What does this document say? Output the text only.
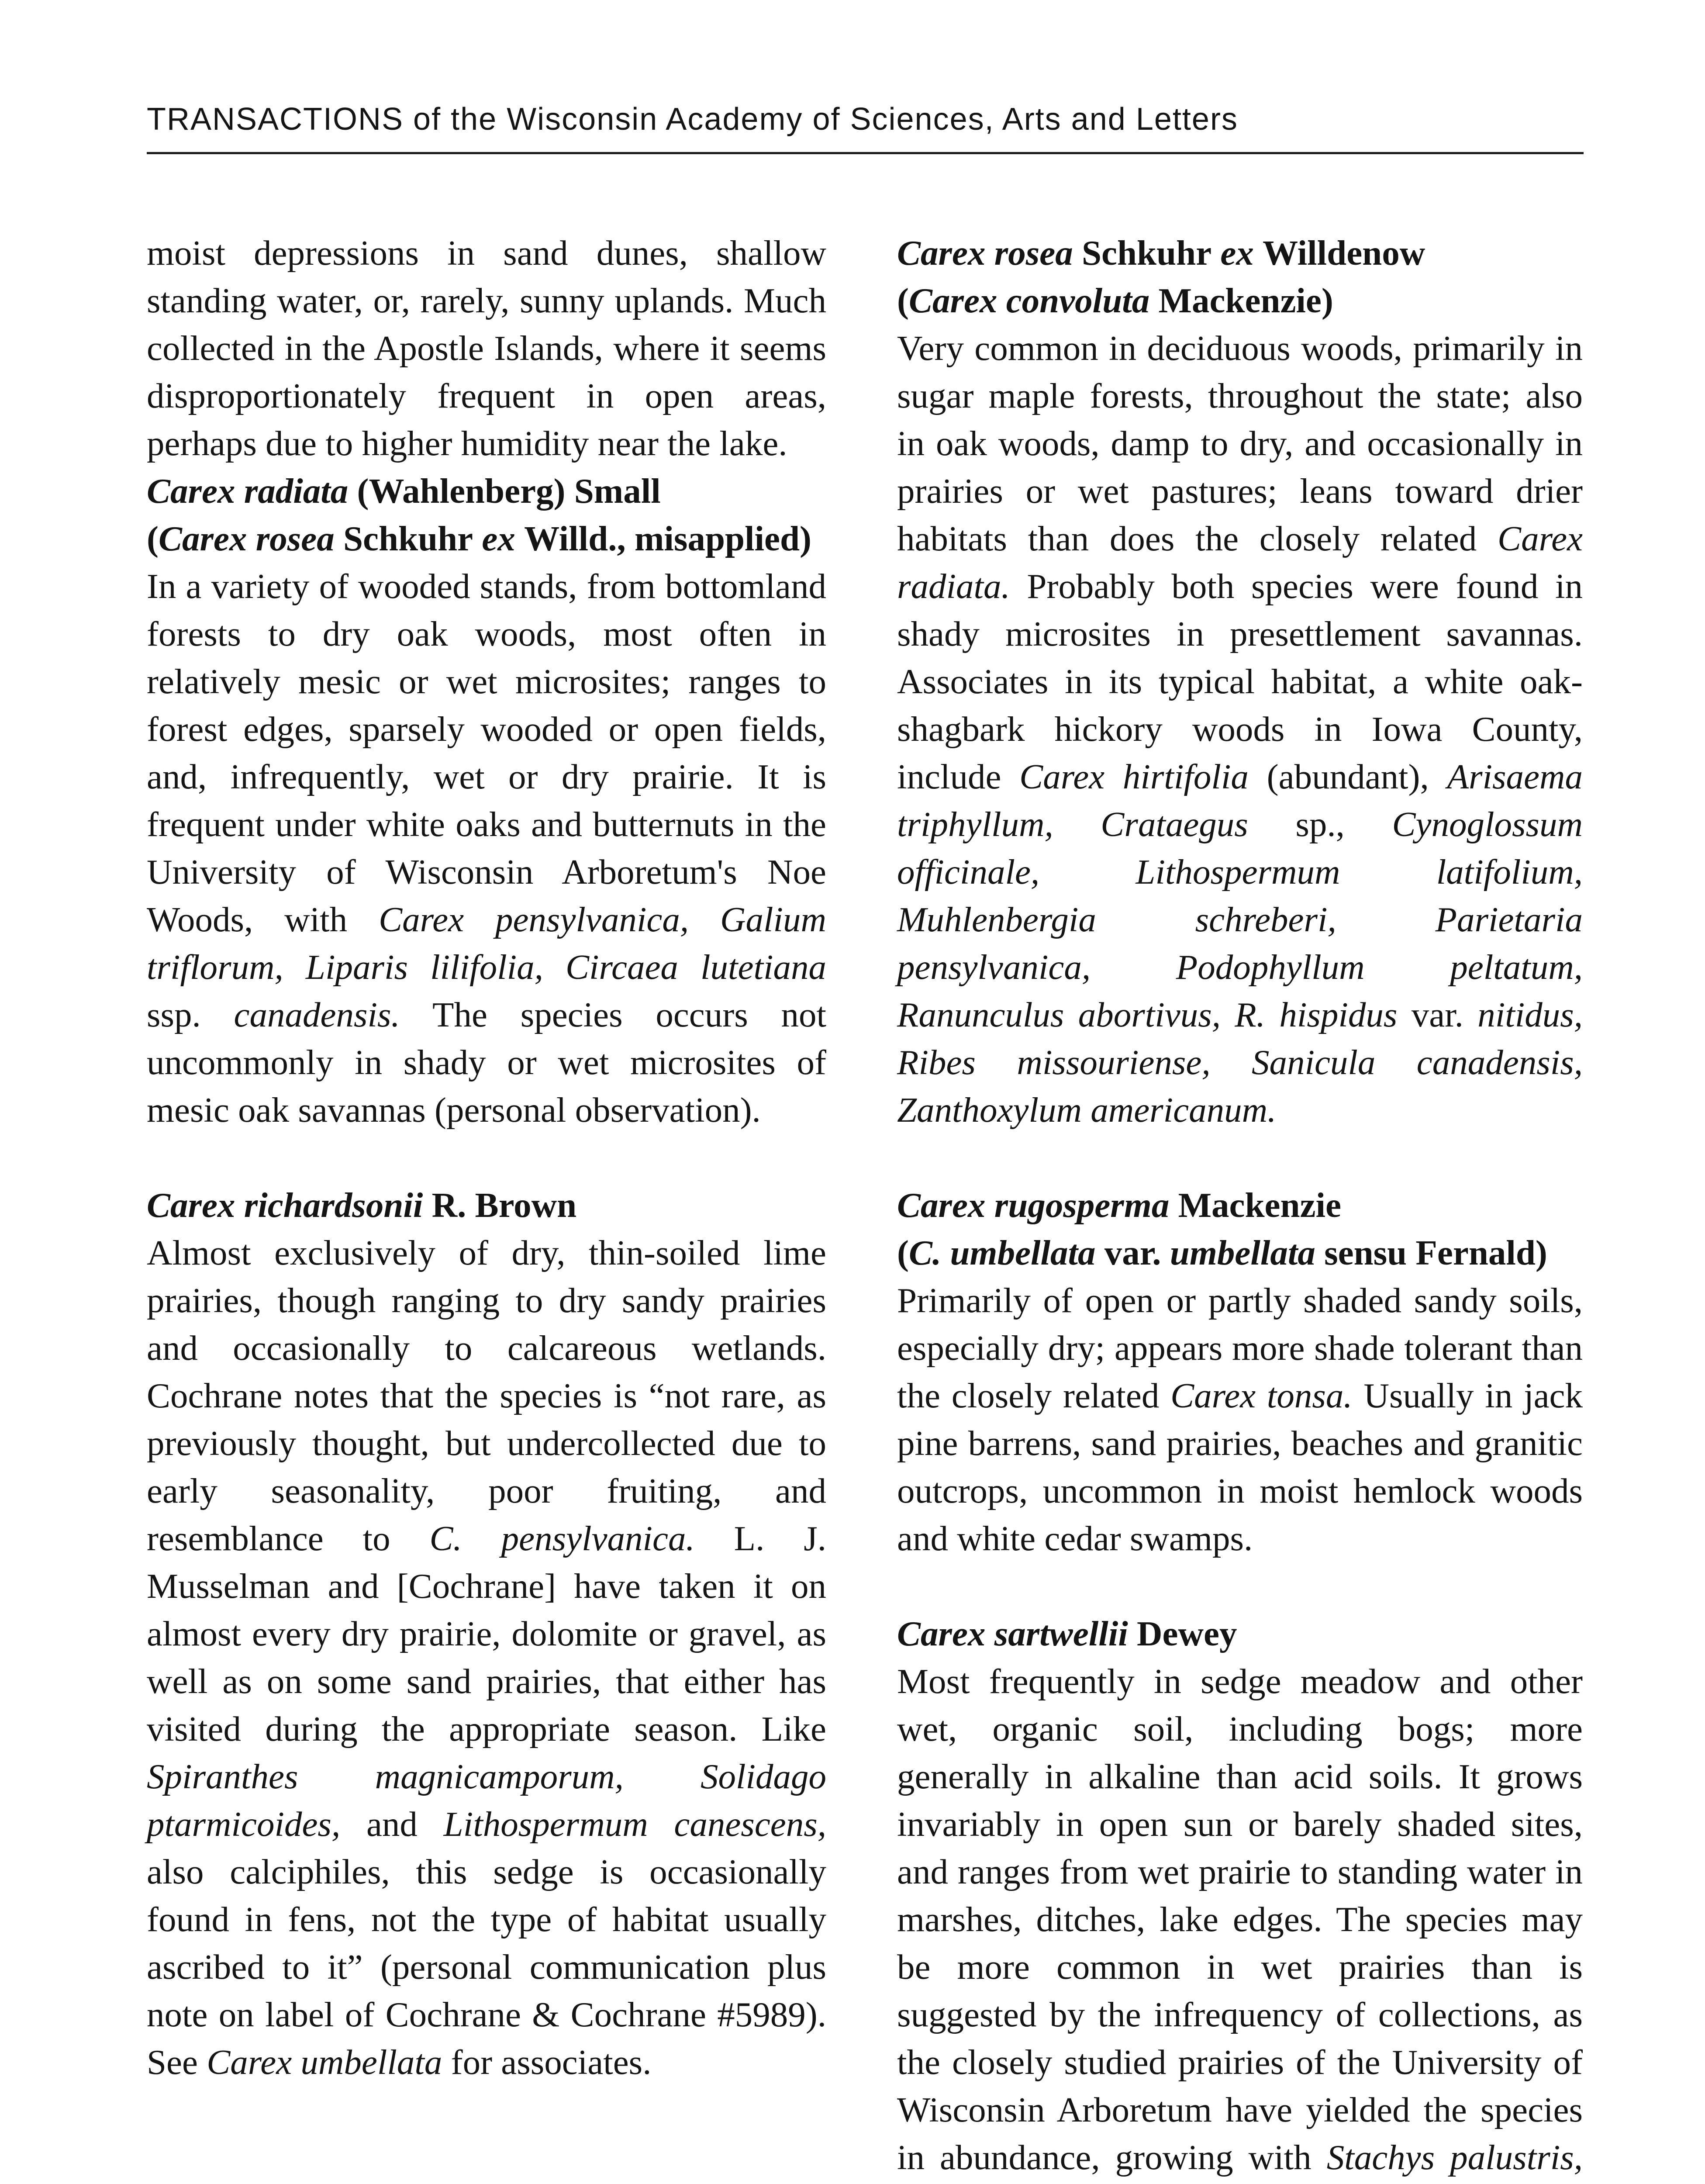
TRANSACTIONS of the Wisconsin Academy of Sciences, Arts and Letters

moist depressions in sand dunes, shallow standing water, or, rarely, sunny uplands. Much collected in the Apostle Islands, where it seems disproportionately frequent in open areas, perhaps due to higher humidity near the lake.

Carex radiata (Wahlenberg) Small

(Carex rosea Schkuhr ex Willd., misapplied)

In a variety of wooded stands, from bottomland forests to dry oak woods, most often in relatively mesic or wet microsites; ranges to forest edges, sparsely wooded or open fields, and, infrequently, wet or dry prairie. It is frequent under white oaks and butternuts in the University of Wisconsin Arboretum's Noe Woods, with Carex pensylvanica, Galium triflorum, Liparis lilifolia, Circaea lutetiana ssp. canadensis. The species occurs not uncommonly in shady or wet microsites of mesic oak savannas (personal observation).

Carex richardsonii R. Brown

Almost exclusively of dry, thin-soiled lime prairies, though ranging to dry sandy prairies and occasionally to calcareous wetlands. Cochrane notes that the species is “not rare, as previously thought, but undercollected due to early seasonality, poor fruiting, and resemblance to C. pensylvanica. L. J. Musselman and [Cochrane] have taken it on almost every dry prairie, dolomite or gravel, as well as on some sand prairies, that either has visited during the appropriate season. Like Spiranthes magnicamporum, Solidago ptarmicoides, and Lithospermum canescens, also calciphiles, this sedge is occasionally found in fens, not the type of habitat usually ascribed to it” (personal communication plus note on label of Cochrane & Cochrane #5989). See Carex umbellata for associates.

Carex rosea Schkuhr ex Willdenow

(Carex convoluta Mackenzie)

Very common in deciduous woods, primarily in sugar maple forests, throughout the state; also in oak woods, damp to dry, and occasionally in prairies or wet pastures; leans toward drier habitats than does the closely related Carex radiata. Probably both species were found in shady microsites in presettlement savannas. Associates in its typical habitat, a white oak-shagbark hickory woods in Iowa County, include Carex hirtifolia (abundant), Arisaema triphyllum, Crataegus sp., Cynoglossum officinale, Lithospermum latifolium, Muhlenbergia schreberi, Parietaria pensylvanica, Podophyllum peltatum, Ranunculus abortivus, R. hispidus var. nitidus, Ribes missouriense, Sanicula canadensis, Zanthoxylum americanum.

Carex rugosperma Mackenzie

(C. umbellata var. umbellata sensu Fernald)

Primarily of open or partly shaded sandy soils, especially dry; appears more shade tolerant than the closely related Carex tonsa. Usually in jack pine barrens, sand prairies, beaches and granitic outcrops, uncommon in moist hemlock woods and white cedar swamps.

Carex sartwellii Dewey

Most frequently in sedge meadow and other wet, organic soil, including bogs; more generally in alkaline than acid soils. It grows invariably in open sun or barely shaded sites, and ranges from wet prairie to standing water in marshes, ditches, lake edges. The species may be more common in wet prairies than is suggested by the infrequency of collections, as the closely studied prairies of the University of Wisconsin Arboretum have yielded the species in abundance, growing with Stachys palustris,
